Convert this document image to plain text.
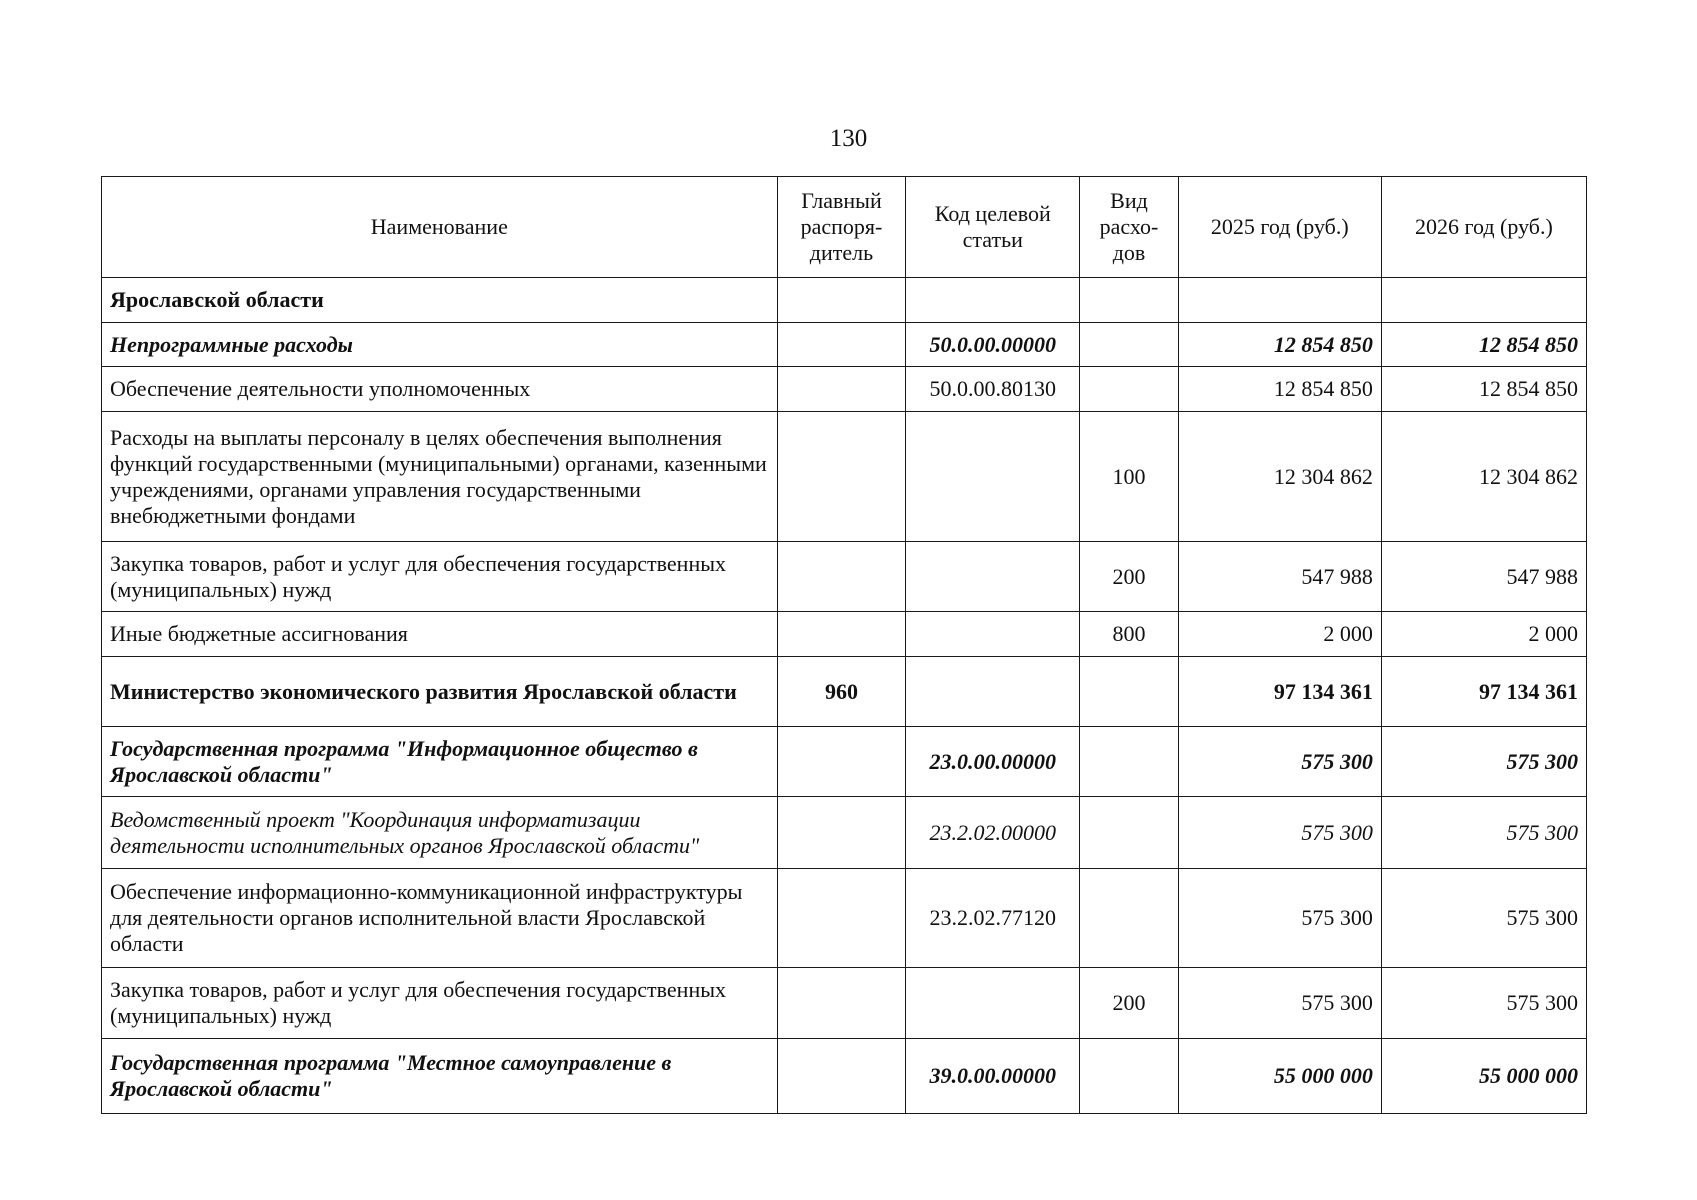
130
Наименование	Главный распоря- дитель	Код целевой статьи	Вид расхо- дов	2025 год (руб.)	2026 год (руб.)
Ярославской области					
Непрограммные расходы		50.0.00.00000		12 854 850	12 854 850
Обеспечение деятельности уполномоченных		50.0.00.80130		12 854 850	12 854 850
Расходы на выплаты персоналу в целях обеспечения выполнения функций государственными (муниципальными) органами, казенными учреждениями, органами управления государственными внебюджетными фондами			100	12 304 862	12 304 862
Закупка товаров, работ и услуг для обеспечения государственных (муниципальных) нужд			200	547 988	547 988
Иные бюджетные ассигнования			800	2 000	2 000
Министерство экономического развития Ярославской области	960			97 134 361	97 134 361
Государственная программа "Информационное общество в Ярославской области"		23.0.00.00000		575 300	575 300
Ведомственный проект "Координация информатизации деятельности исполнительных органов Ярославской области"		23.2.02.00000		575 300	575 300
Обеспечение информационно-коммуникационной инфраструктуры для деятельности органов исполнительной власти Ярославской области		23.2.02.77120		575 300	575 300
Закупка товаров, работ и услуг для обеспечения государственных (муниципальных) нужд			200	575 300	575 300
Государственная программа "Местное самоуправление в Ярославской области"		39.0.00.00000		55 000 000	55 000 000
